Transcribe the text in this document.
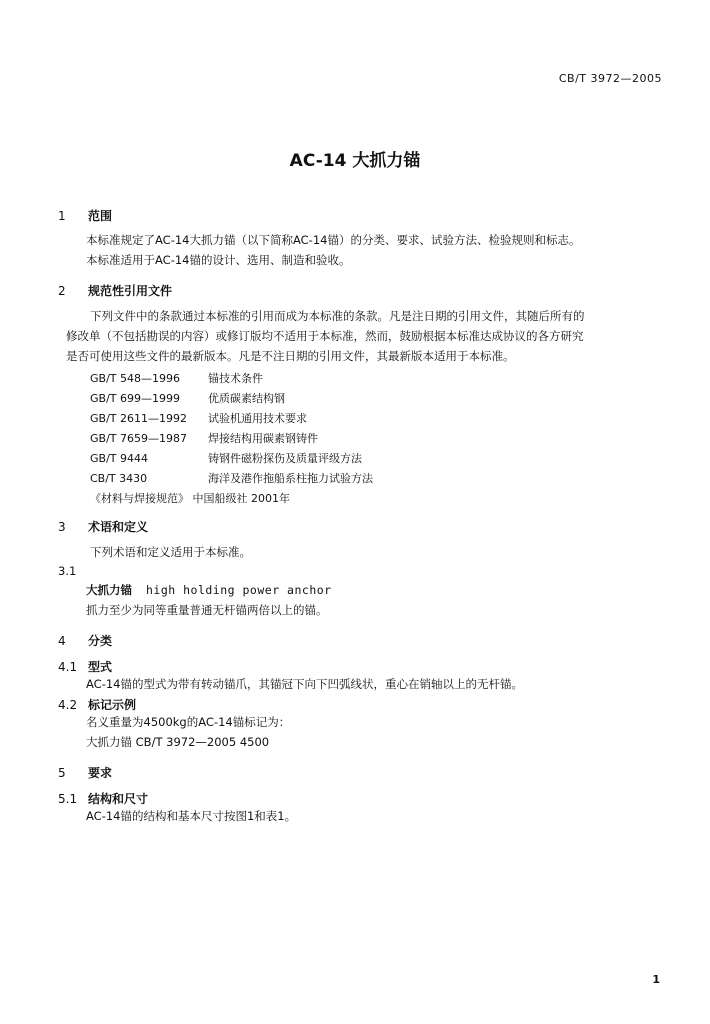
CB/T 3972—2005
AC-14 大抓力锚
1 范围
本标准规定了AC-14大抓力锚（以下简称AC-14锚）的分类、要求、试验方法、检验规则和标志。
本标准适用于AC-14锚的设计、选用、制造和验收。
2 规范性引用文件
下列文件中的条款通过本标准的引用而成为本标准的条款。凡是注日期的引用文件，其随后所有的
修改单（不包括勘误的内容）或修订版均不适用于本标准，然而，鼓励根据本标准达成协议的各方研究
是否可使用这些文件的最新版本。凡是不注日期的引用文件，其最新版本适用于本标准。
GB/T 548—1996	锚技术条件
GB/T 699—1999	优质碳素结构钢
GB/T 2611—1992 试验机通用技术要求
GB/T 7659—1987 焊接结构用碳素钢铸件
GB/T 9444	铸钢件磁粉探伤及质量评级方法
CB/T 3430	海洋及港作拖船系柱拖力试验方法
《材料与焊接规范》 中国船级社 2001年
3 术语和定义
下列术语和定义适用于本标准。
3.1
大抓力锚 high holding power anchor
抓力至少为同等重量普通无杆锚两倍以上的锚。
4 分类
4.1 型式
AC-14锚的型式为带有转动锚爪，其锚冠下向下凹弧线状，重心在销轴以上的无杆锚。
4.2 标记示例
名义重量为4500kg的AC-14锚标记为：
大抓力锚 CB/T 3972—2005 4500
5 要求
5.1 结构和尺寸
AC-14锚的结构和基本尺寸按图1和表1。
1
